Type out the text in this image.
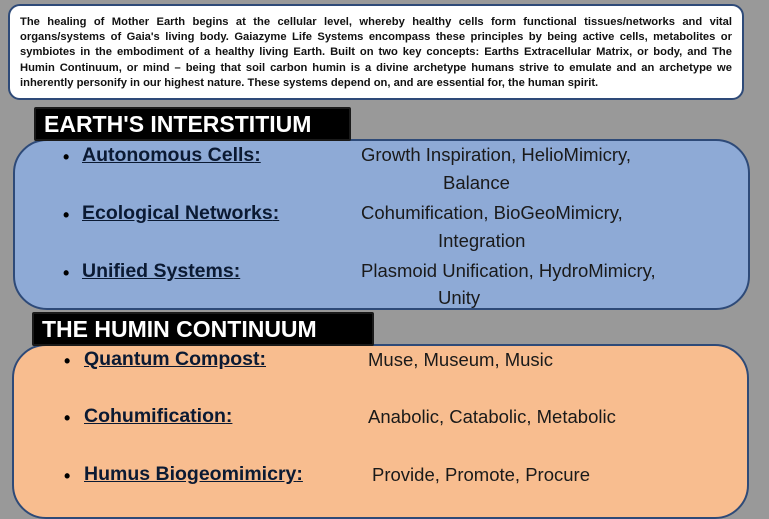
The healing of Mother Earth begins at the cellular level, whereby healthy cells form functional tissues/networks and vital organs/systems of Gaia's living body. Gaiazyme Life Systems encompass these principles by being active cells, metabolites or symbiotes in the embodiment of a healthy living Earth. Built on two key concepts: Earths Extracellular Matrix, or body, and The Humin Continuum, or mind – being that soil carbon humin is a divine archetype humans strive to emulate and an archetype we inherently personify in our highest nature. These systems depend on, and are essential for, the human spirit.
EARTH'S INTERSTITIUM
• Autonomous Cells:	Growth Inspiration, HelioMimicry,
Balance
• Ecological Networks:	Cohumification, BioGeoMimicry,
Integration
• Unified Systems:	Plasmoid Unification, HydroMimicry,
Unity
THE HUMIN CONTINUUM
• Quantum Compost:	Muse, Museum, Music
• Cohumification:	Anabolic, Catabolic, Metabolic
• Humus Biogeomimicry:	Provide, Promote, Procure
